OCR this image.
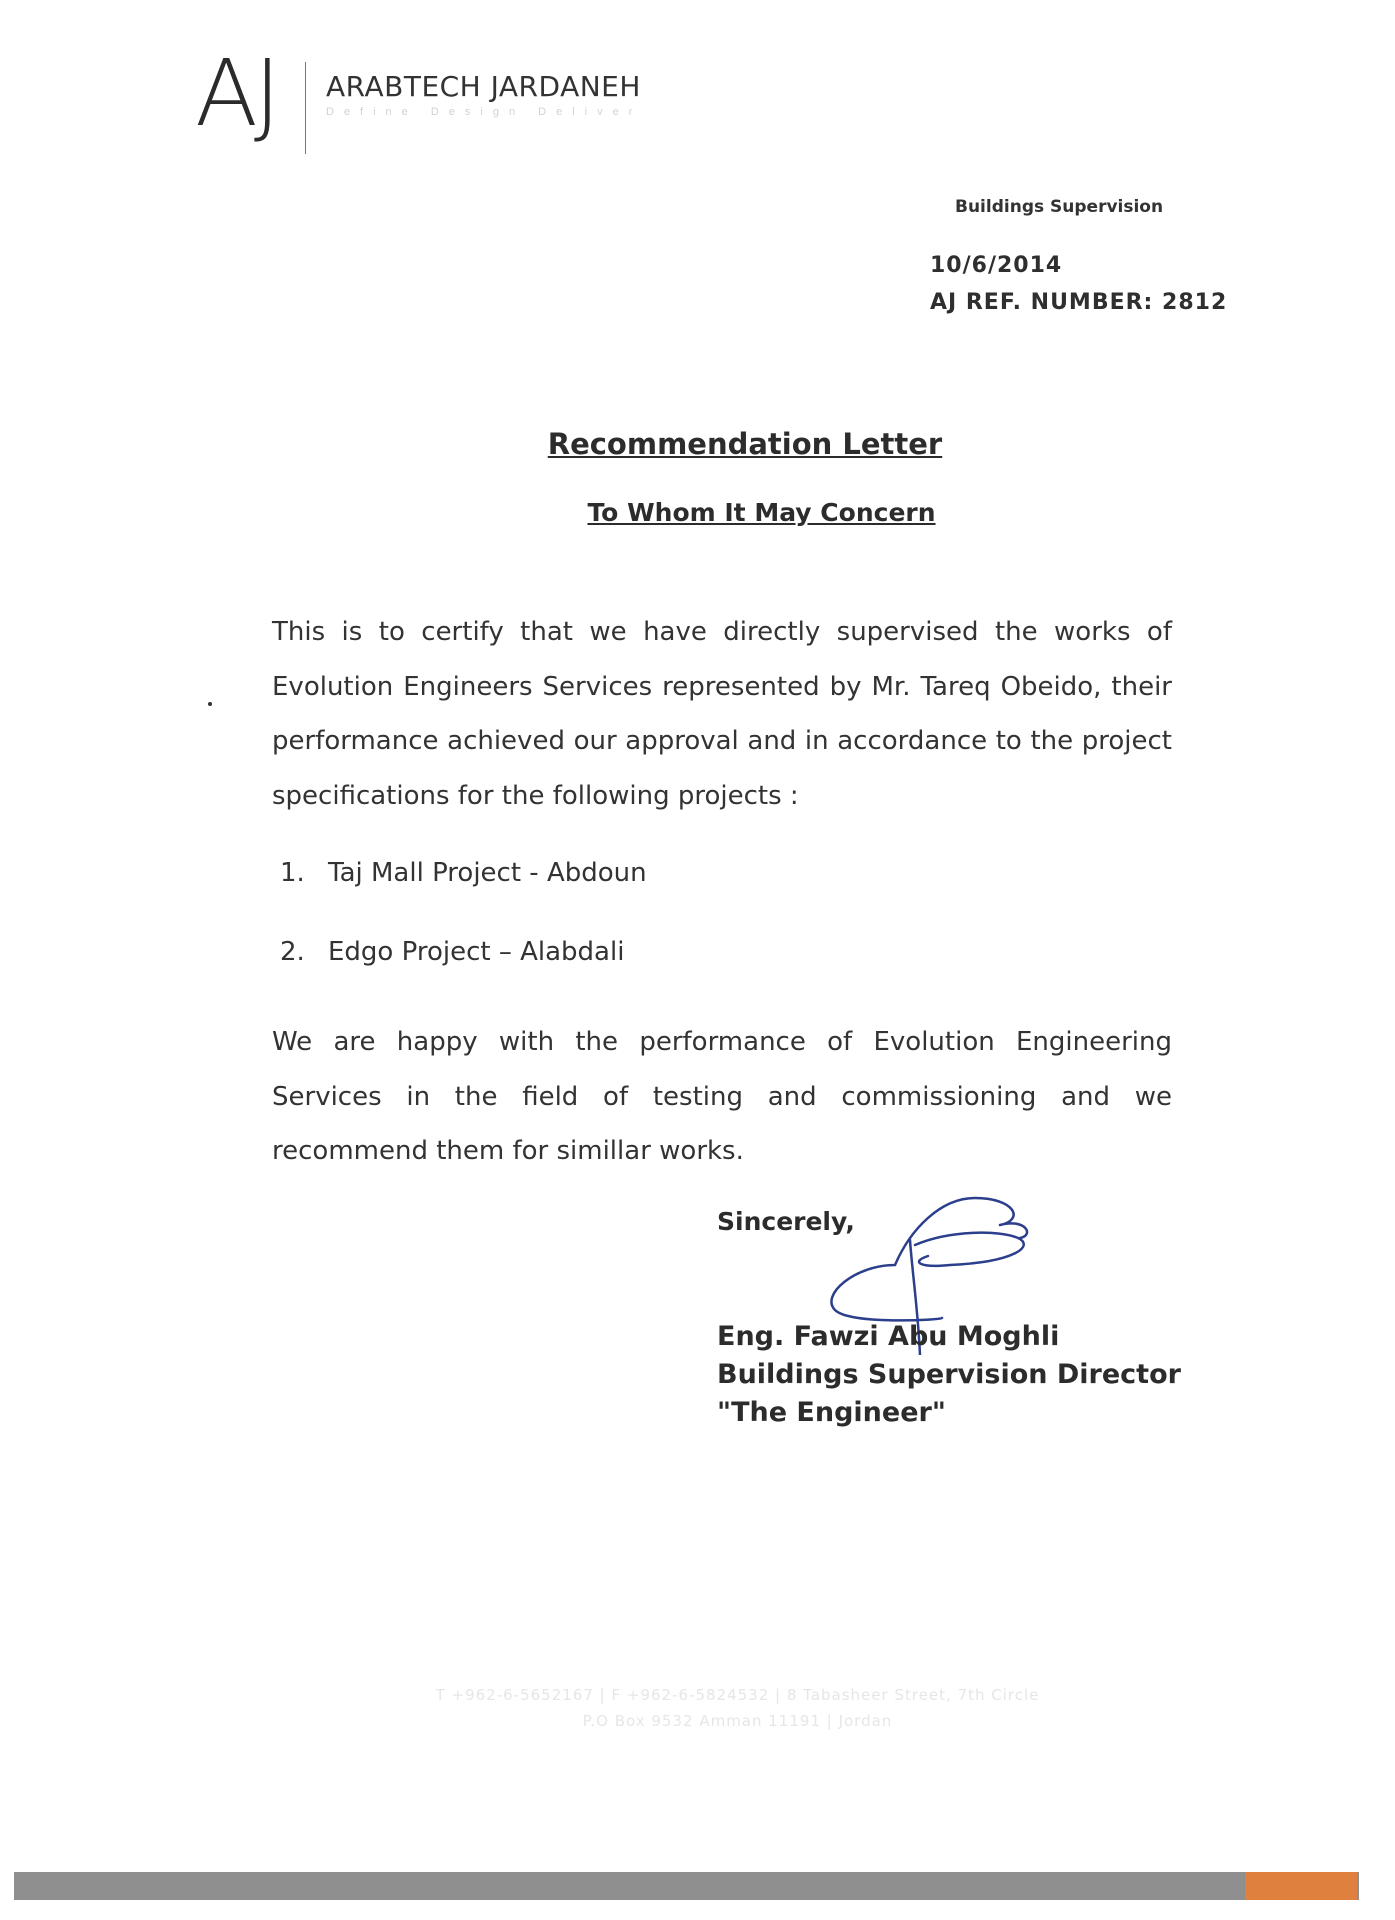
AJ ARABTECH JARDANEH
Define Design Deliver
Buildings Supervision
10/6/2014
AJ REF. NUMBER: 2812
Recommendation Letter
To Whom It May Concern
This is to certify that we have directly supervised the works of Evolution Engineers Services represented by Mr. Tareq Obeido, their performance achieved our approval and in accordance to the project specifications for the following projects :
1. Taj Mall Project - Abdoun
2. Edgo Project – Alabdali
We are happy with the performance of Evolution Engineering Services in the field of testing and commissioning and we recommend them for simillar works.
Sincerely,
Eng. Fawzi Abu Moghli
Buildings Supervision Director
"The Engineer"
T +962-6-5652167 | F +962-6-5824532 | 8 Tabasheer Street, 7th Circle
P.O Box 9532 Amman 11191 | Jordan
